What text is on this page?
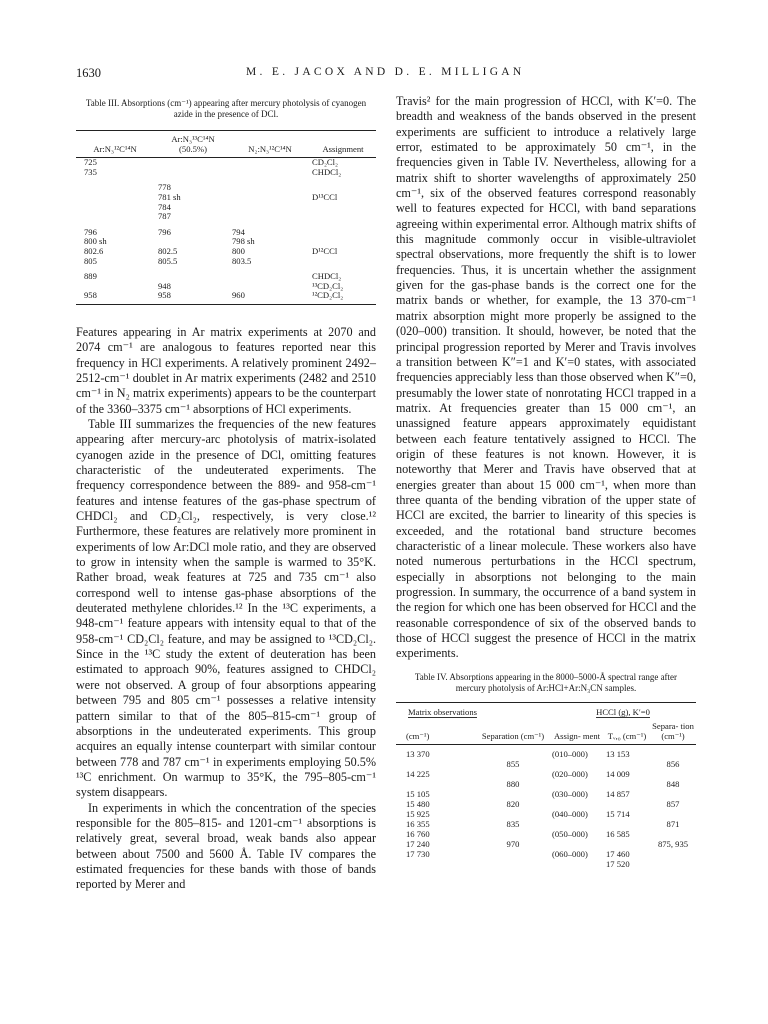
1630	M. E. JACOX AND D. E. MILLIGAN
Table III. Absorptions (cm⁻¹) appearing after mercury photolysis of cyanogen azide in the presence of DCl.
Ar:N₃¹²C¹⁴N	Ar:N₃¹³C¹⁴N (50.5%)	N₂:N₃¹²C¹⁴N	Assignment
725			CD₂Cl₂
735			CHDCl₂
	778		
	781 sh		D¹³CCl
	784		
	787		
796	796	794	
800 sh		798 sh	
802.6	802.5	800	D¹²CCl
805	805.5	803.5	
889			CHDCl₂
	948		¹³CD₂Cl₂
958	958	960	¹²CD₂Cl₂

Features appearing in Ar matrix experiments at 2070 and 2074 cm⁻¹ are analogous to features reported near this frequency in HCl experiments. A relatively prominent 2492–2512-cm⁻¹ doublet in Ar matrix experiments (2482 and 2510 cm⁻¹ in N₂ matrix experiments) appears to be the counterpart of the 3360–3375 cm⁻¹ absorptions of HCl experiments.

Table III summarizes the frequencies of the new features appearing after mercury-arc photolysis of matrix-isolated cyanogen azide in the presence of DCl, omitting features characteristic of the undeuterated experiments. The frequency correspondence between the 889- and 958-cm⁻¹ features and intense features of the gas-phase spectrum of CHDCl₂ and CD₂Cl₂, respectively, is very close.¹² Furthermore, these features are relatively more prominent in experiments of low Ar:DCl mole ratio, and they are observed to grow in intensity when the sample is warmed to 35°K. Rather broad, weak features at 725 and 735 cm⁻¹ also correspond well to intense gas-phase absorptions of the deuterated methylene chlorides.¹² In the ¹³C experiments, a 948-cm⁻¹ feature appears with intensity equal to that of the 958-cm⁻¹ CD₂Cl₂ feature, and may be assigned to ¹³CD₂Cl₂. Since in the ¹³C study the extent of deuteration has been estimated to approach 90%, features assigned to CHDCl₂ were not observed. A group of four absorptions appearing between 795 and 805 cm⁻¹ possesses a relative intensity pattern similar to that of the 805–815-cm⁻¹ group of absorptions in the undeuterated experiments. This group acquires an equally intense counterpart with similar contour between 778 and 787 cm⁻¹ in experiments employing 50.5% ¹³C enrichment. On warmup to 35°K, the 795–805-cm⁻¹ system disappears.

In experiments in which the concentration of the species responsible for the 805–815- and 1201-cm⁻¹ absorptions is relatively great, several broad, weak bands also appear between about 7500 and 5600 Å. Table IV compares the estimated frequencies for these bands with those of bands reported by Merer and

Travis² for the main progression of HCCl, with K′=0. The breadth and weakness of the bands observed in the present experiments are sufficient to introduce a relatively large error, estimated to be approximately 50 cm⁻¹, in the frequencies given in Table IV. Nevertheless, allowing for a matrix shift to shorter wavelengths of approximately 250 cm⁻¹, six of the observed features correspond reasonably well to features expected for HCCl, with band separations agreeing within experimental error. Although matrix shifts of this magnitude commonly occur in visible-ultraviolet spectral observations, more frequently the shift is to lower frequencies. Thus, it is uncertain whether the assignment given for the gas-phase bands is the correct one for the matrix bands or whether, for example, the 13 370-cm⁻¹ matrix absorption might more properly be assigned to the (020–000) transition. It should, however, be noted that the principal progression reported by Merer and Travis involves a transition between K″=1 and K′=0 states, with associated frequencies appreciably less than those observed when K″=0, presumably the lower state of nonrotating HCCl trapped in a matrix. At frequencies greater than 15 000 cm⁻¹, an unassigned feature appears approximately equidistant between each feature tentatively assigned to HCCl. The origin of these features is not known. However, it is noteworthy that Merer and Travis have observed that at energies greater than about 15 000 cm⁻¹, when more than three quanta of the bending vibration of the upper state of HCCl are excited, the barrier to linearity of this species is exceeded, and the rotational band structure becomes characteristic of a linear molecule. These workers also have noted numerous perturbations in the HCCl spectrum, especially in absorptions not belonging to the main progression. In summary, the occurrence of a band system in the region for which one has been observed for HCCl and the reasonable correspondence of six of the observed bands to those of HCCl suggest the presence of HCCl in the matrix experiments.

Table IV. Absorptions appearing in the 8000–5000-Å spectral range after mercury photolysis of Ar:HCl+Ar:N₃CN samples.
Matrix observations		HCCl (g), K′=0		
(cm⁻¹)	Separation (cm⁻¹)	Assign- ment	Tᵥ,₀ (cm⁻¹)	Separa- tion (cm⁻¹)
13 370		(010–000)	13 153	
	855			856
14 225		(020–000)	14 009	
	880			848
15 105		(030–000)	14 857	
15 480	820			857
15 925		(040–000)	15 714	
16 355	835			871
16 760		(050–000)	16 585	
17 240	970			875, 935
17 730		(060–000)	17 460	
			17 520	
